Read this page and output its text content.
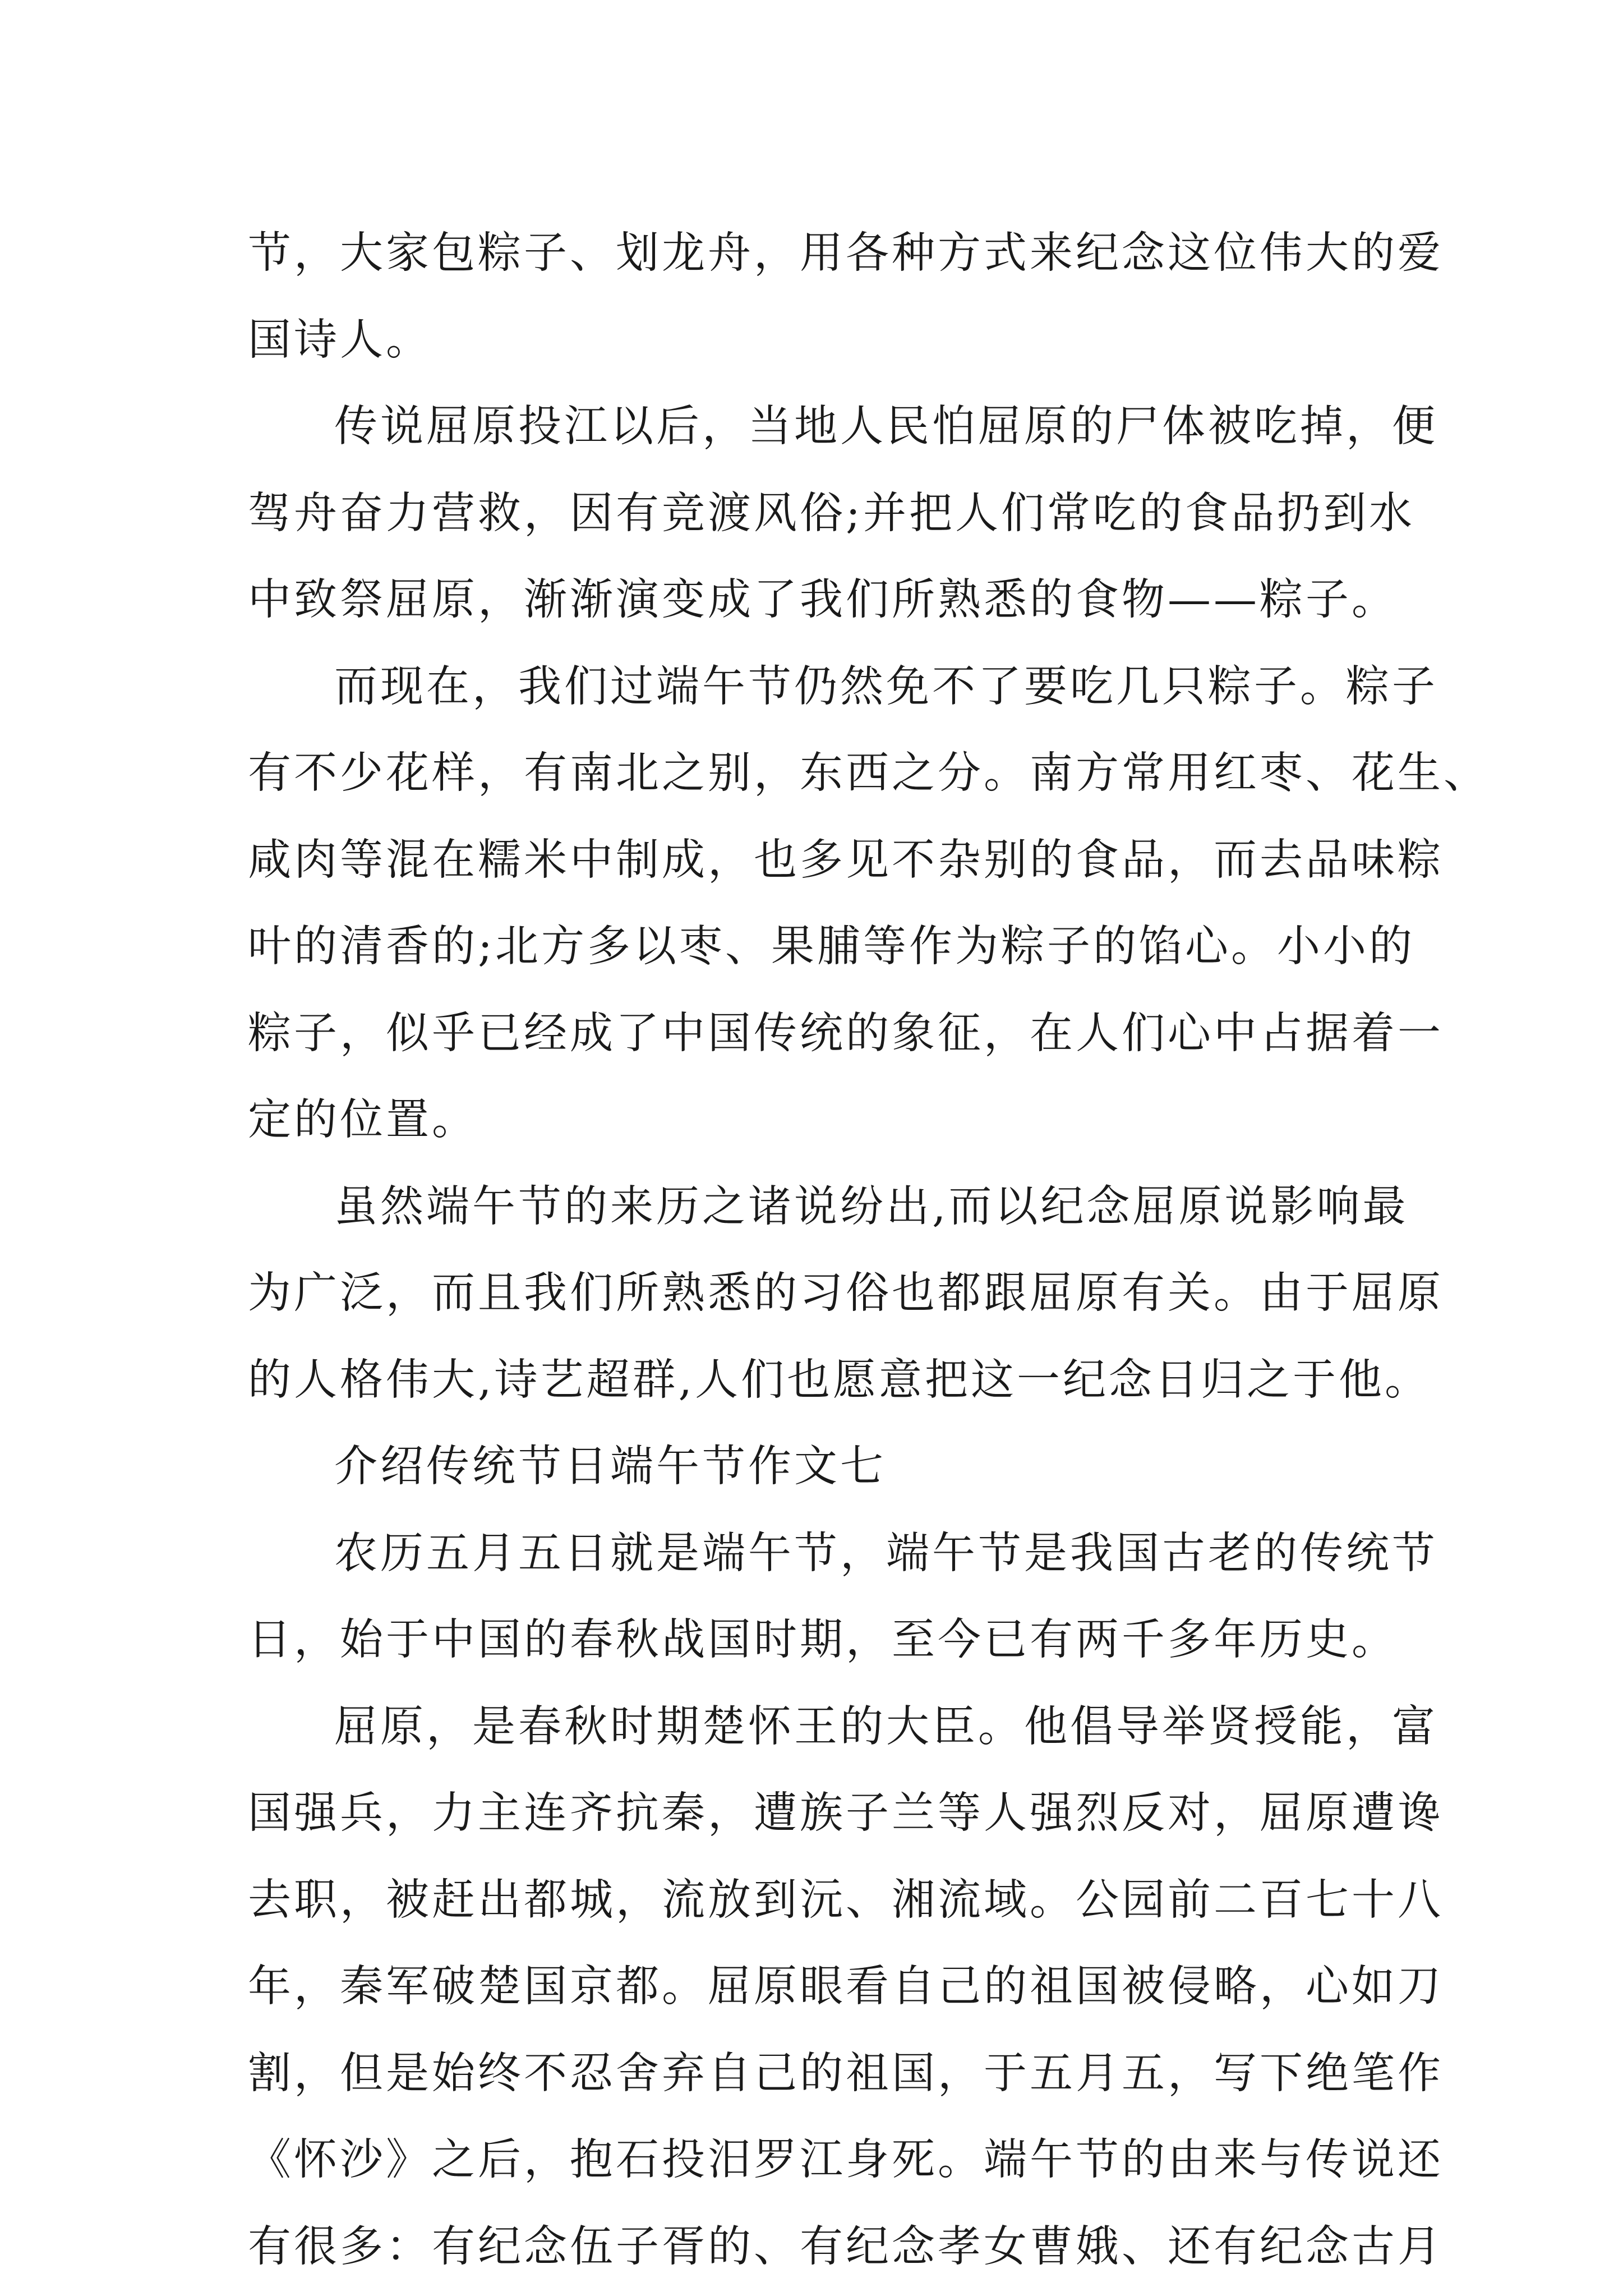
节，大家包粽子、划龙舟，用各种方式来纪念这位伟大的爱
国诗人。
传说屈原投江以后，当地人民怕屈原的尸体被吃掉，便
驾舟奋力营救，因有竞渡风俗;并把人们常吃的食品扔到水
中致祭屈原，渐渐演变成了我们所熟悉的食物——粽子。
而现在，我们过端午节仍然免不了要吃几只粽子。粽子
有不少花样，有南北之别，东西之分。南方常用红枣、花生、
咸肉等混在糯米中制成，也多见不杂别的食品，而去品味粽
叶的清香的;北方多以枣、果脯等作为粽子的馅心。小小的
粽子，似乎已经成了中国传统的象征，在人们心中占据着一
定的位置。
虽然端午节的来历之诸说纷出,而以纪念屈原说影响最
为广泛，而且我们所熟悉的习俗也都跟屈原有关。由于屈原
的人格伟大,诗艺超群,人们也愿意把这一纪念日归之于他。
介绍传统节日端午节作文七
农历五月五日就是端午节，端午节是我国古老的传统节
日，始于中国的春秋战国时期，至今已有两千多年历史。
屈原，是春秋时期楚怀王的大臣。他倡导举贤授能，富
国强兵，力主连齐抗秦，遭族子兰等人强烈反对，屈原遭谗
去职，被赶出都城，流放到沅、湘流域。公园前二百七十八
年，秦军破楚国京都。屈原眼看自己的祖国被侵略，心如刀
割，但是始终不忍舍弃自己的祖国，于五月五，写下绝笔作
《怀沙》之后，抱石投汨罗江身死。端午节的由来与传说还
有很多：有纪念伍子胥的、有纪念孝女曹娥、还有纪念古月
